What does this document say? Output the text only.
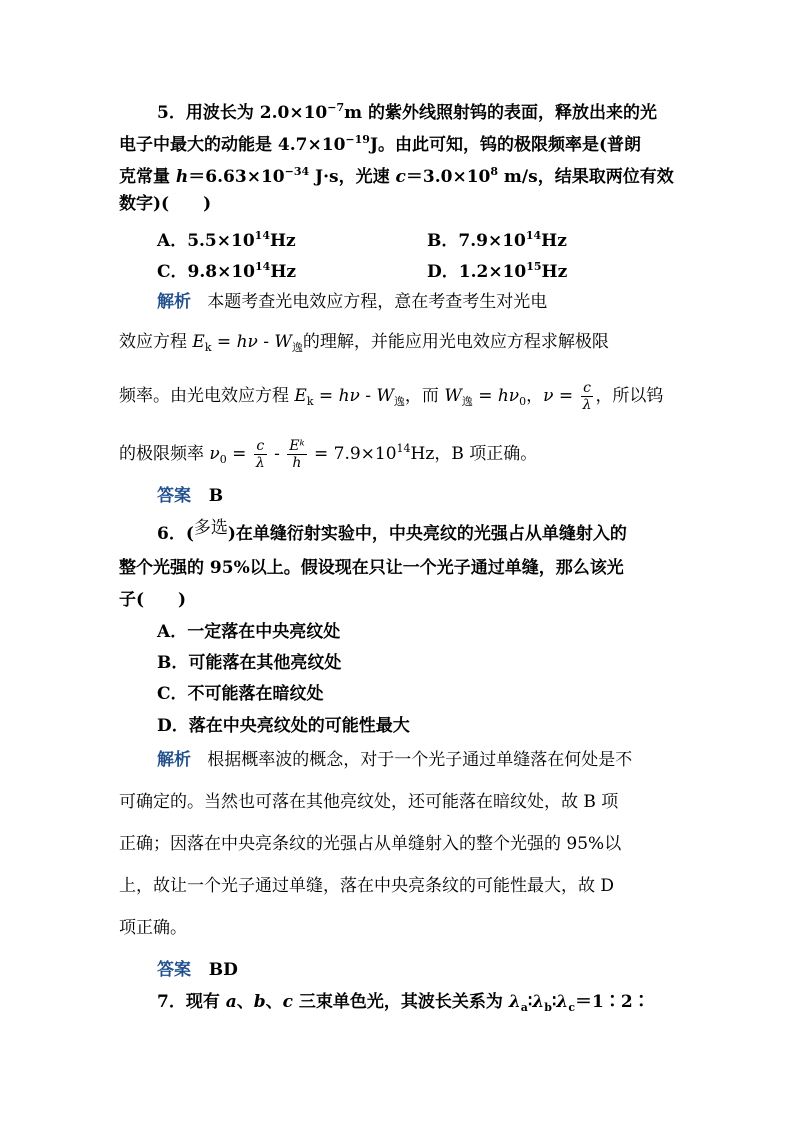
5．用波长为 $2.0\times 10^{-7}m$ 的紫外线照射钨的表面，释放出来的光
电子中最大的动能是 $4.7\times 10^{-19}J$。由此可知，钨的极限频率是(普朗
克常量 $h=6.63\times 10^{-34}$ J·s，光速 $c=3.0\times 10^8$ m/s，结果取两位有效
数字)(　　)
A．$5.5\times 10^{14}Hz$	B．$7.9\times 10^{14}Hz$
C．$9.8\times 10^{14}Hz$	D．$1.2\times 10^{15}Hz$
解析 本题考查光电效应方程，意在考查考生对光电
效应方程 $E_k = h\nu - W_逸$的理解，并能应用光电效应方程求解极限
频率。由光电效应方程 $E_k = h\nu - W_逸$，而 $W_逸 = h\nu_0$，$\nu = \frac{c}{\lambda}$ ，所以钨
的极限频率 $\nu_0 = \frac{c}{\lambda} - \frac{\text{Eᵏ}}{h} = 7.9\times 10^{14}Hz$，B 项正确。
答案 B
6．(多选)在单缝衍射实验中，中央亮纹的光强占从单缝射入的
整个光强的 95%以上。假设现在只让一个光子通过单缝，那么该光
子(　　)
A．一定落在中央亮纹处
B．可能落在其他亮纹处
C．不可能落在暗纹处
D．落在中央亮纹处的可能性最大
解析 根据概率波的概念，对于一个光子通过单缝落在何处是不
可确定的。当然也可落在其他亮纹处，还可能落在暗纹处，故 B 项
正确；因落在中央亮条纹的光强占从单缝射入的整个光强的 95%以
上，故让一个光子通过单缝，落在中央亮条纹的可能性最大，故 D
项正确。
答案 BD
7．现有 a、b、c 三束单色光，其波长关系为 $\lambda_a∶\lambda_b∶\lambda_c=1∶2∶$
